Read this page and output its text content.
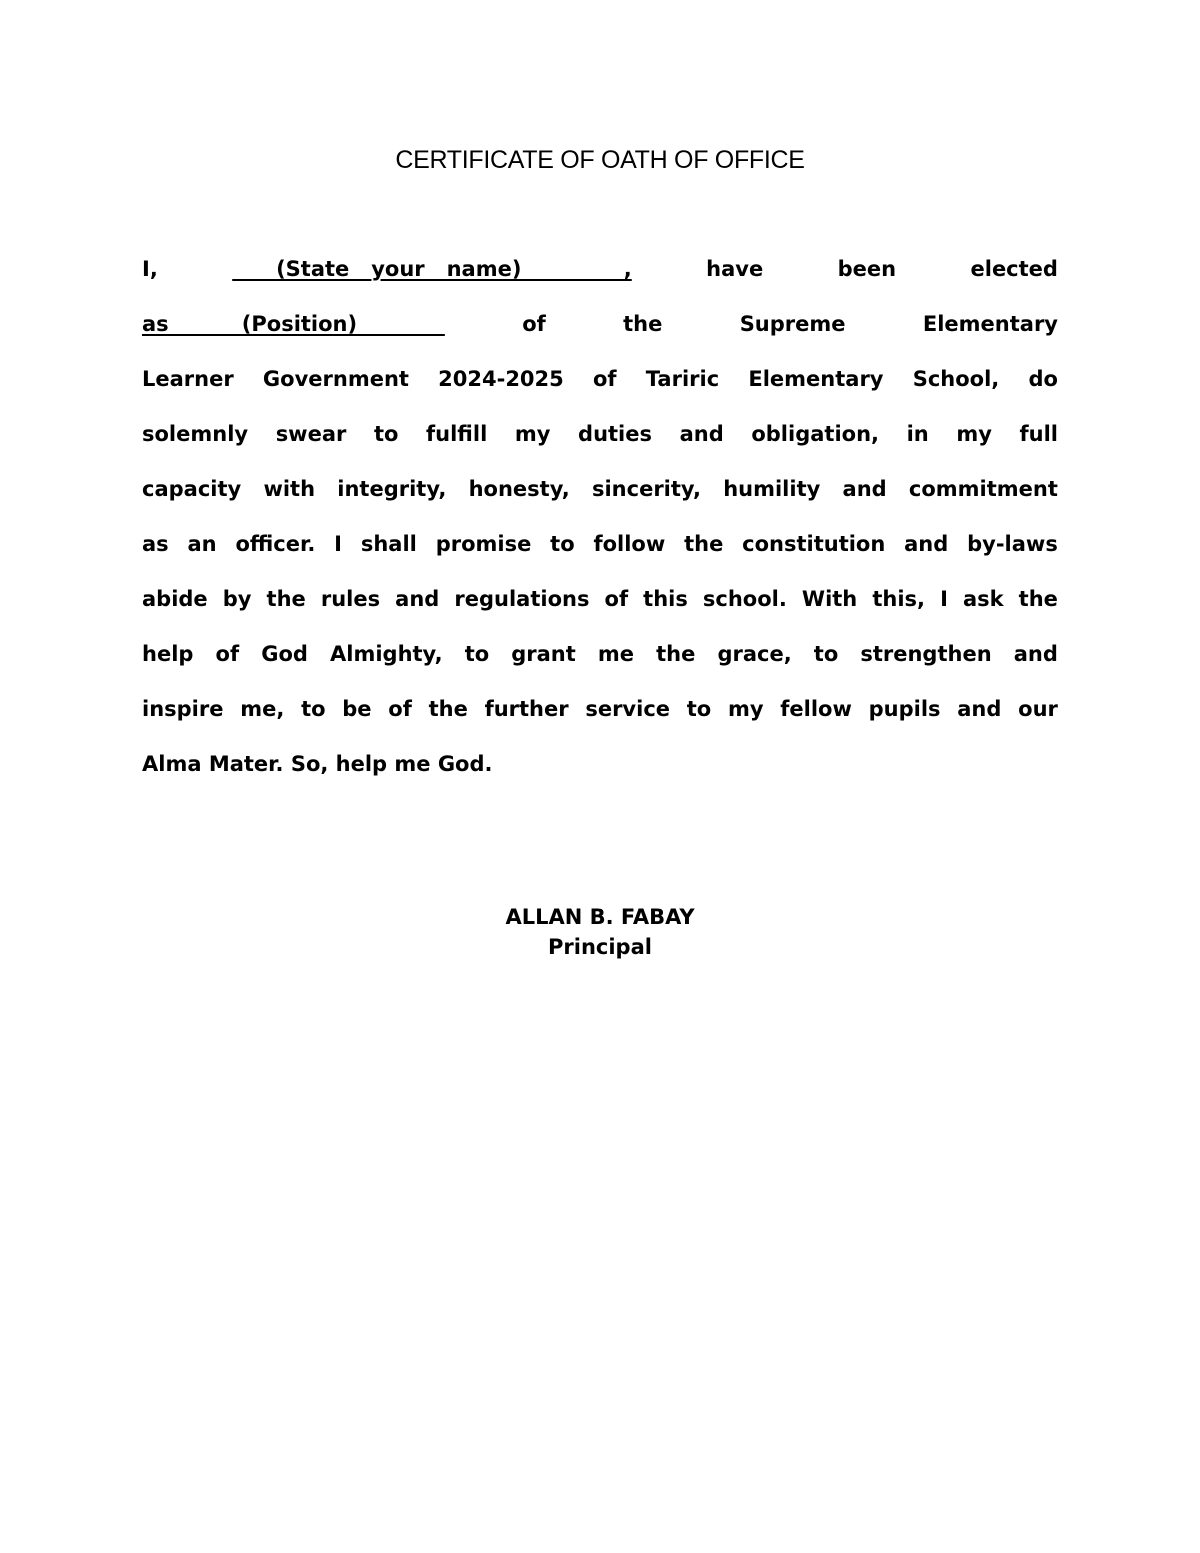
CERTIFICATE OF OATH OF OFFICE
I,	(State   your   name)              ,	have	been	elected
as          (Position)	of	the	Supreme	Elementary
Learner Government 2024-2025 of Tariric Elementary School, do
solemnly swear to fulfill my duties and obligation, in my full
capacity with integrity, honesty, sincerity, humility and commitment
as an officer. I shall promise to follow the constitution and by-laws
abide by the rules and regulations of this school. With this, I ask the
help of God Almighty, to grant me the grace, to strengthen and
inspire me, to be of the further service to my fellow pupils and our
Alma Mater. So, help me God.
ALLAN B. FABAY
Principal
